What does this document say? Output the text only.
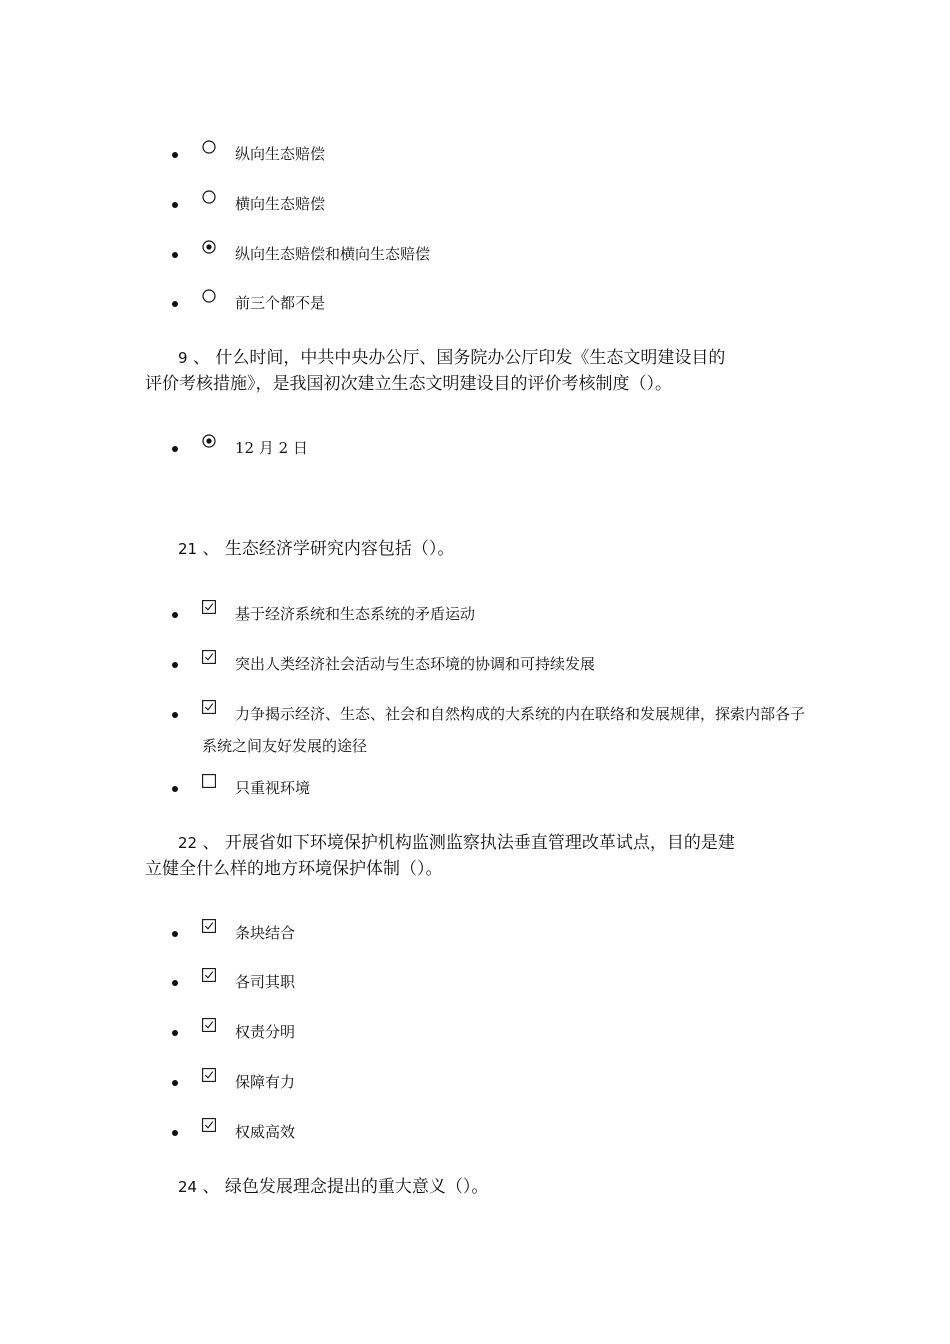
纵向生态赔偿
横向生态赔偿
纵向生态赔偿和横向生态赔偿
前三个都不是
9 、 什么时间，中共中央办公厅、国务院办公厅印发《生态文明建设目的
评价考核措施》，是我国初次建立生态文明建设目的评价考核制度（）。
12 月 2 日
21 、 生态经济学研究内容包括（）。
基于经济系统和生态系统的矛盾运动
突出人类经济社会活动与生态环境的协调和可持续发展
力争揭示经济、生态、社会和自然构成的大系统的内在联络和发展规律，探索内部各子系统之间友好发展的途径
只重视环境
22 、 开展省如下环境保护机构监测监察执法垂直管理改革试点，目的是建
立健全什么样的地方环境保护体制（）。
条块结合
各司其职
权责分明
保障有力
权威高效
24 、 绿色发展理念提出的重大意义（）。
